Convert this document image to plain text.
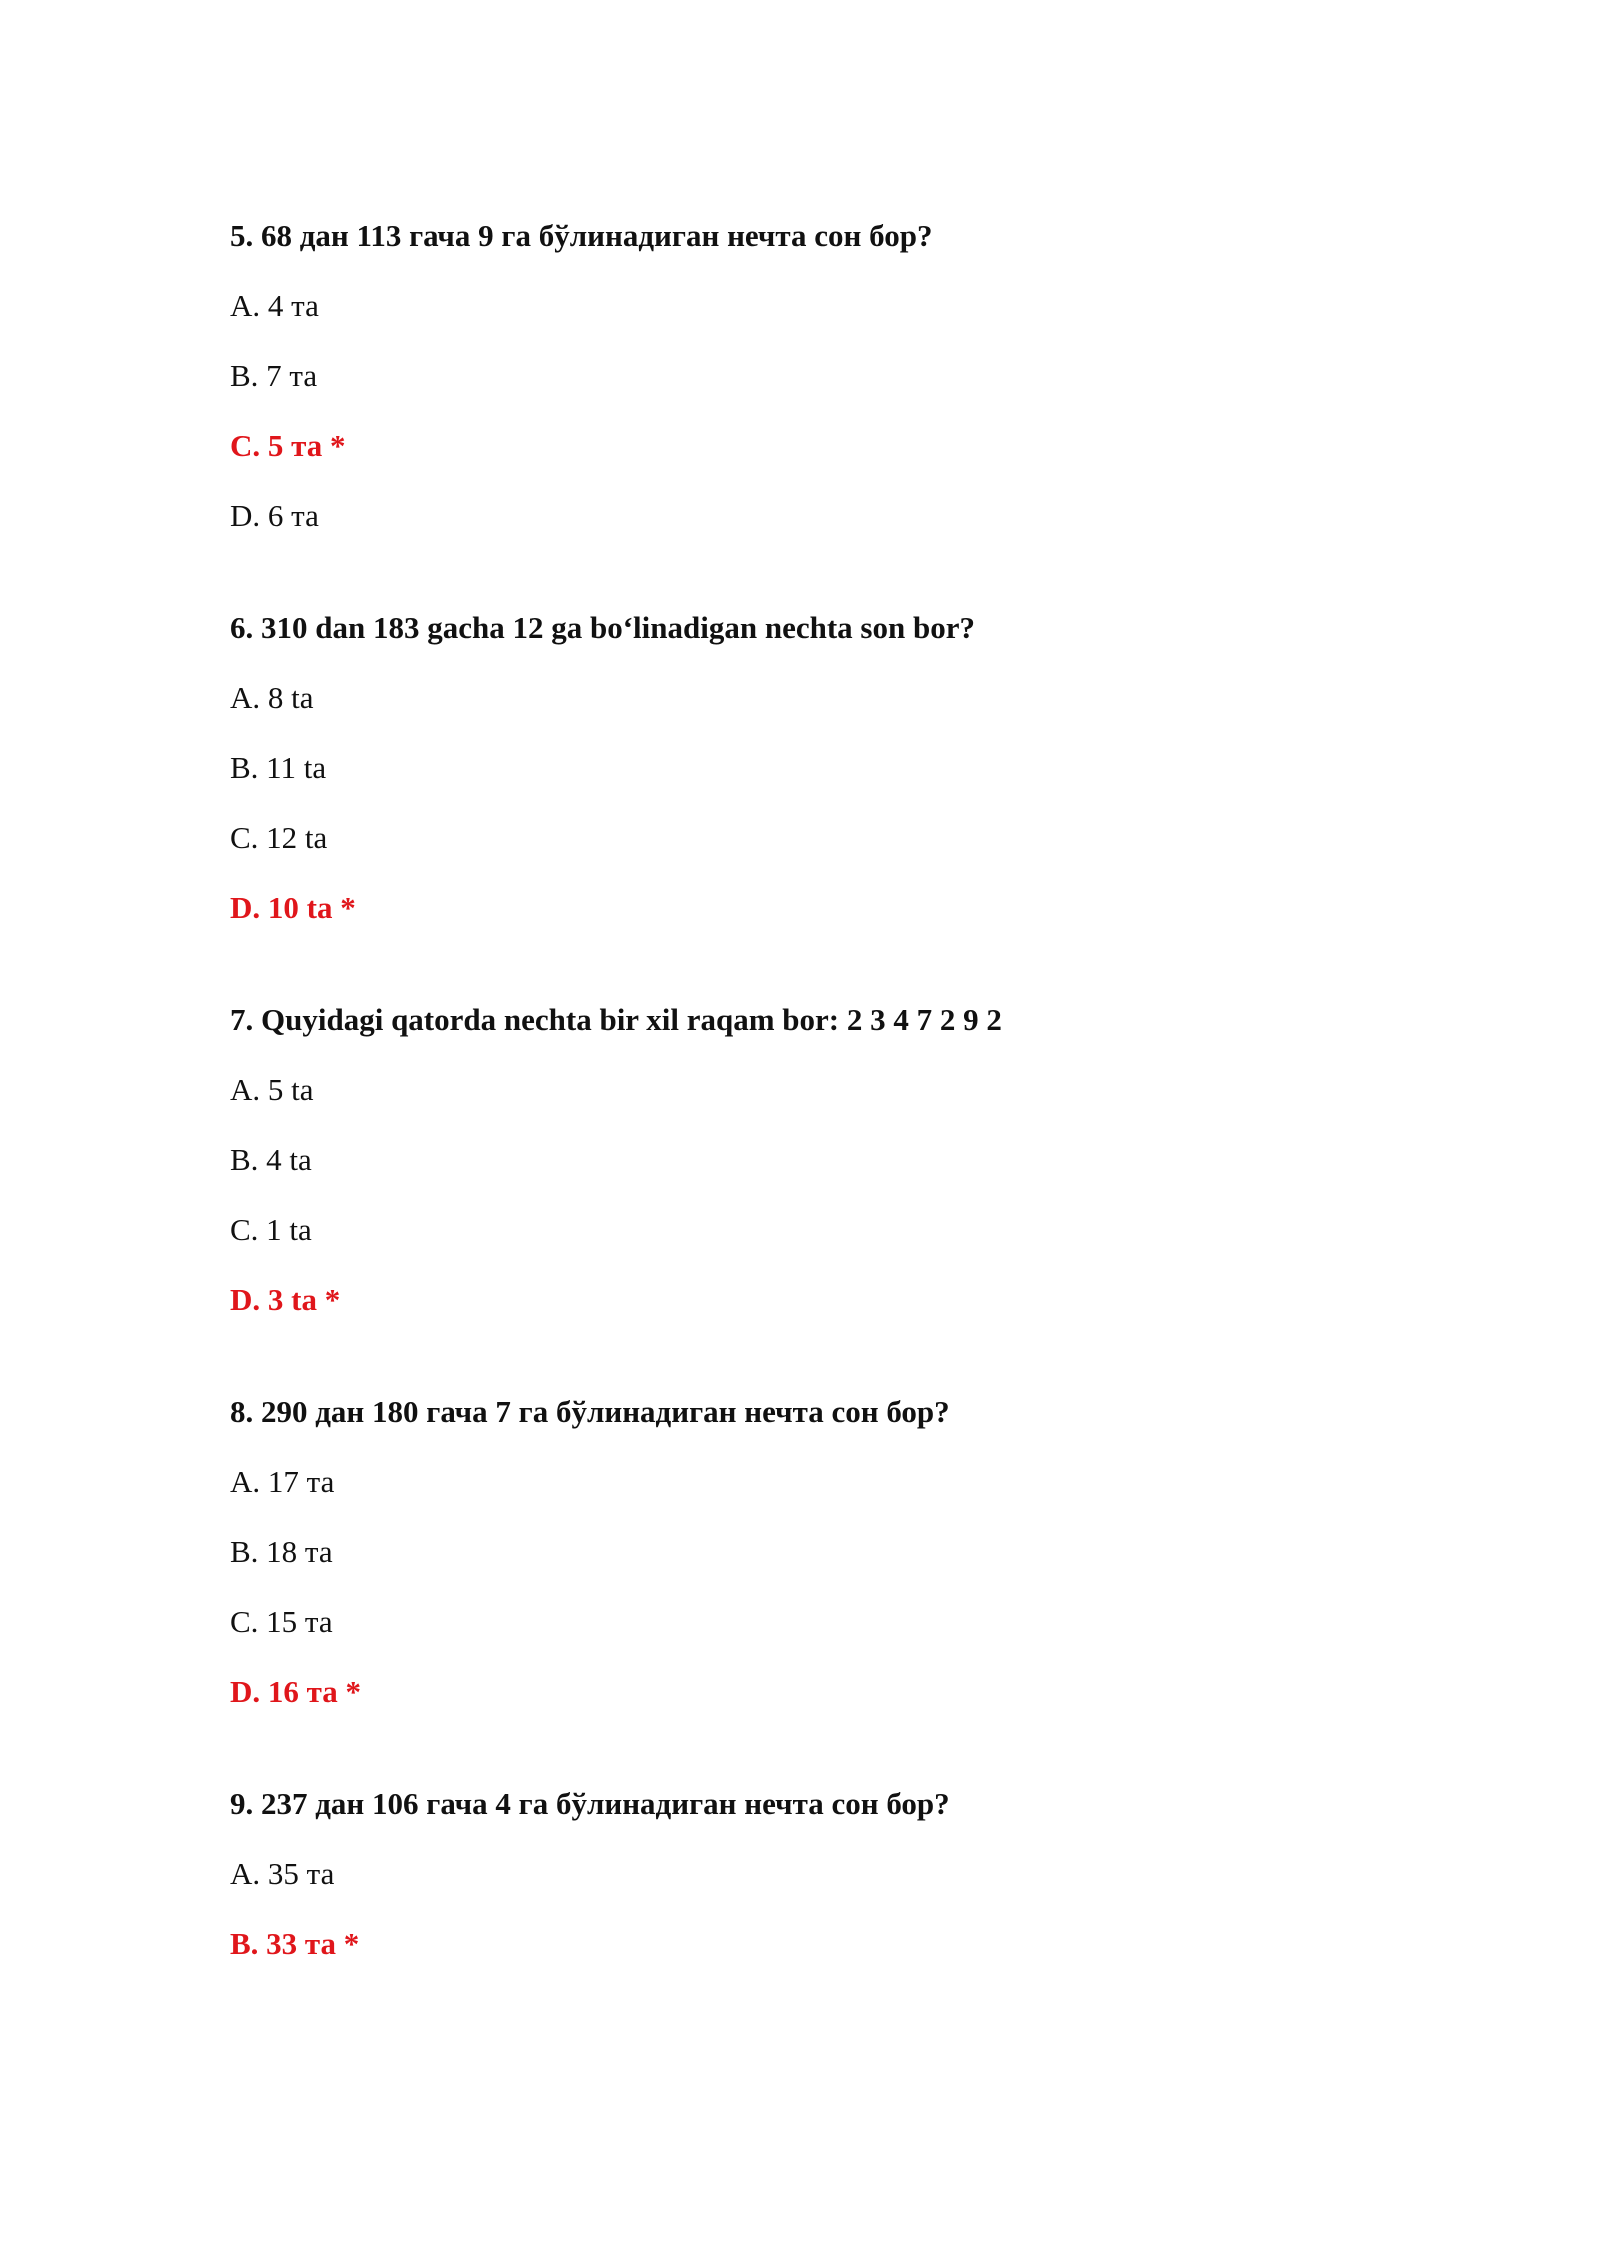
5. 68 дан 113 гача 9 га бўлинадиган нечта сон бор?
A. 4 та
B. 7 та
C. 5 та *
D. 6 та
6. 310 dan 183 gacha 12 ga bo‘linadigan nechta son bor?
A. 8 ta
B. 11 ta
C. 12 ta
D. 10 ta *
7. Quyidagi qatorda nechta bir xil raqam bor: 2 3 4 7 2 9 2
A. 5 ta
B. 4 ta
C. 1 ta
D. 3 ta *
8. 290 дан 180 гача 7 га бўлинадиган нечта сон бор?
A. 17 та
B. 18 та
C. 15 та
D. 16 та *
9. 237 дан 106 гача 4 га бўлинадиган нечта сон бор?
A. 35 та
B. 33 та *
